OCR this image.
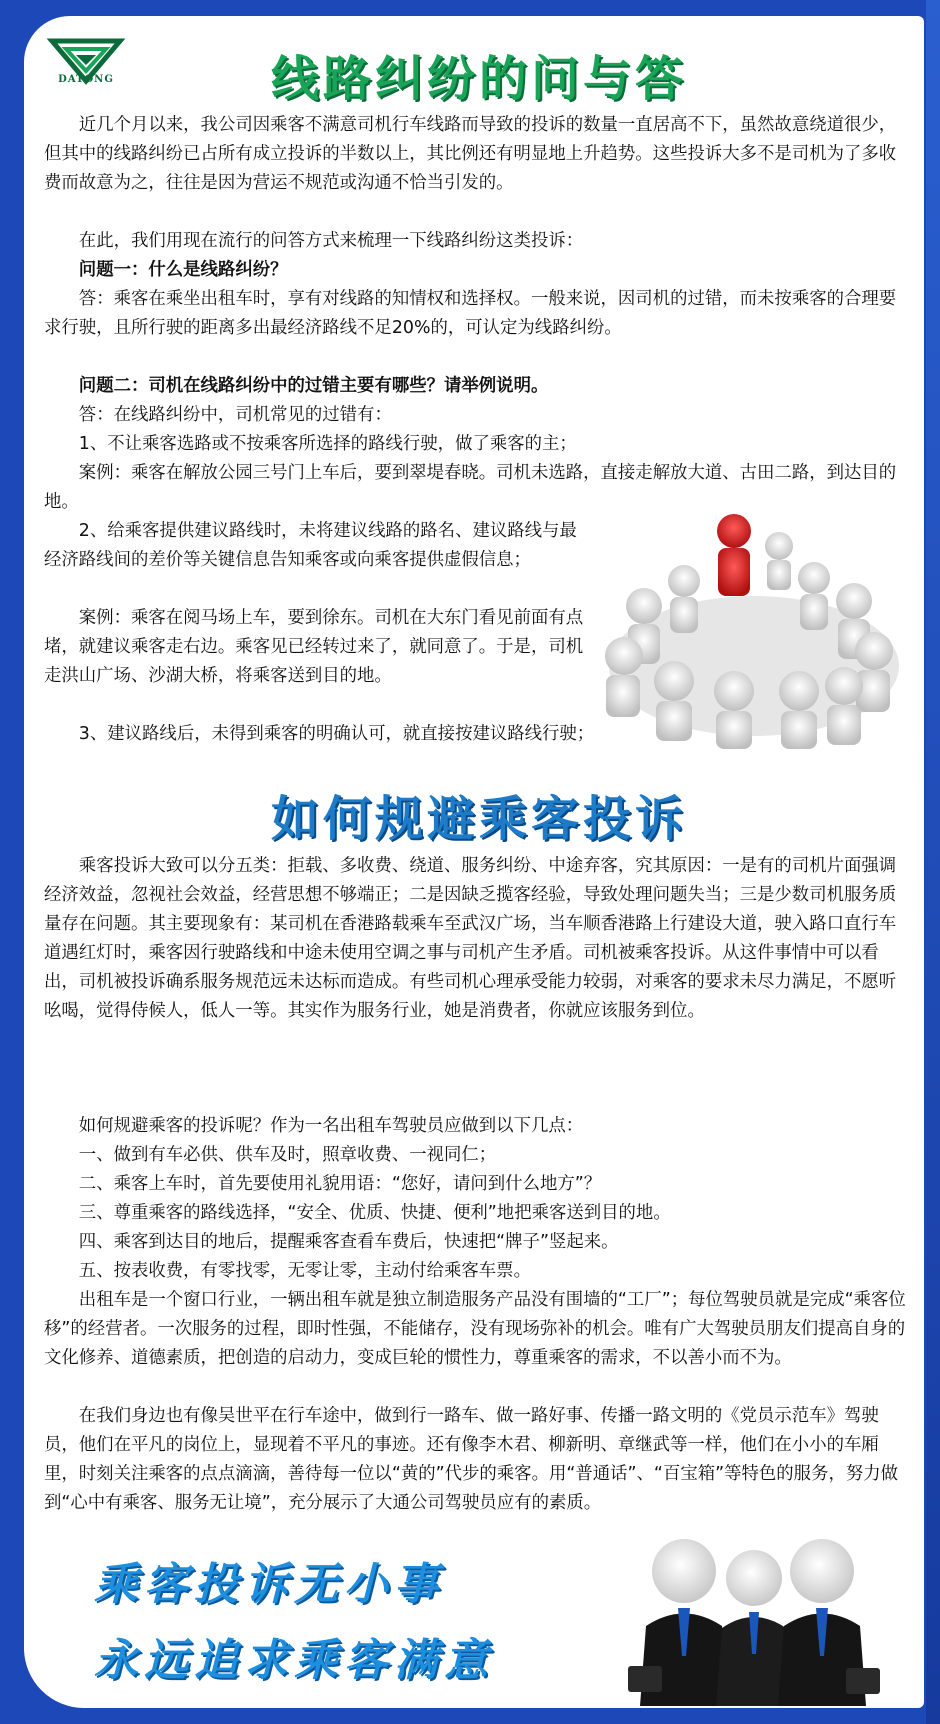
DATONG	线路纠纷的问与答
近几个月以来，我公司因乘客不满意司机行车线路而导致的投诉的数量一直居高不下，虽然故意绕道很少，但其中的线路纠纷已占所有成立投诉的半数以上，其比例还有明显地上升趋势。这些投诉大多不是司机为了多收费而故意为之，往往是因为营运不规范或沟通不恰当引发的。
在此，我们用现在流行的问答方式来梳理一下线路纠纷这类投诉：
问题一：什么是线路纠纷？
答：乘客在乘坐出租车时，享有对线路的知情权和选择权。一般来说，因司机的过错，而未按乘客的合理要求行驶，且所行驶的距离多出最经济路线不足20%的，可认定为线路纠纷。
问题二：司机在线路纠纷中的过错主要有哪些？请举例说明。
答：在线路纠纷中，司机常见的过错有：
1、不让乘客选路或不按乘客所选择的路线行驶，做了乘客的主；
案例：乘客在解放公园三号门上车后，要到翠堤春晓。司机未选路，直接走解放大道、古田二路，到达目的地。
2、给乘客提供建议路线时，未将建议线路的路名、建议路线与最经济路线间的差价等关键信息告知乘客或向乘客提供虚假信息；
案例：乘客在阅马场上车，要到徐东。司机在大东门看见前面有点堵，就建议乘客走右边。乘客见已经转过来了，就同意了。于是，司机走洪山广场、沙湖大桥，将乘客送到目的地。
3、建议路线后，未得到乘客的明确认可，就直接按建议路线行驶；
如何规避乘客投诉
乘客投诉大致可以分五类：拒载、多收费、绕道、服务纠纷、中途弃客，究其原因：一是有的司机片面强调经济效益，忽视社会效益，经营思想不够端正；二是因缺乏揽客经验，导致处理问题失当；三是少数司机服务质量存在问题。其主要现象有：某司机在香港路载乘车至武汉广场，当车顺香港路上行建设大道，驶入路口直行车道遇红灯时，乘客因行驶路线和中途未使用空调之事与司机产生矛盾。司机被乘客投诉。从这件事情中可以看出，司机被投诉确系服务规范远未达标而造成。有些司机心理承受能力较弱，对乘客的要求未尽力满足，不愿听吆喝，觉得侍候人，低人一等。其实作为服务行业，她是消费者，你就应该服务到位。
如何规避乘客的投诉呢？作为一名出租车驾驶员应做到以下几点：
一、做到有车必供、供车及时，照章收费、一视同仁；
二、乘客上车时，首先要使用礼貌用语：“您好，请问到什么地方”？
三、尊重乘客的路线选择，“安全、优质、快捷、便利”地把乘客送到目的地。
四、乘客到达目的地后，提醒乘客查看车费后，快速把“牌子”竖起来。
五、按表收费，有零找零，无零让零，主动付给乘客车票。
出租车是一个窗口行业，一辆出租车就是独立制造服务产品没有围墙的“工厂”；每位驾驶员就是完成“乘客位移”的经营者。一次服务的过程，即时性强，不能储存，没有现场弥补的机会。唯有广大驾驶员朋友们提高自身的文化修养、道德素质，把创造的启动力，变成巨轮的惯性力，尊重乘客的需求，不以善小而不为。
在我们身边也有像吴世平在行车途中，做到行一路车、做一路好事、传播一路文明的《党员示范车》驾驶员，他们在平凡的岗位上，显现着不平凡的事迹。还有像李木君、柳新明、章继武等一样，他们在小小的车厢里，时刻关注乘客的点点滴滴，善待每一位以“黄的”代步的乘客。用“普通话”、“百宝箱”等特色的服务，努力做到“心中有乘客、服务无让境”，充分展示了大通公司驾驶员应有的素质。
乘客投诉无小事
永远追求乘客满意
